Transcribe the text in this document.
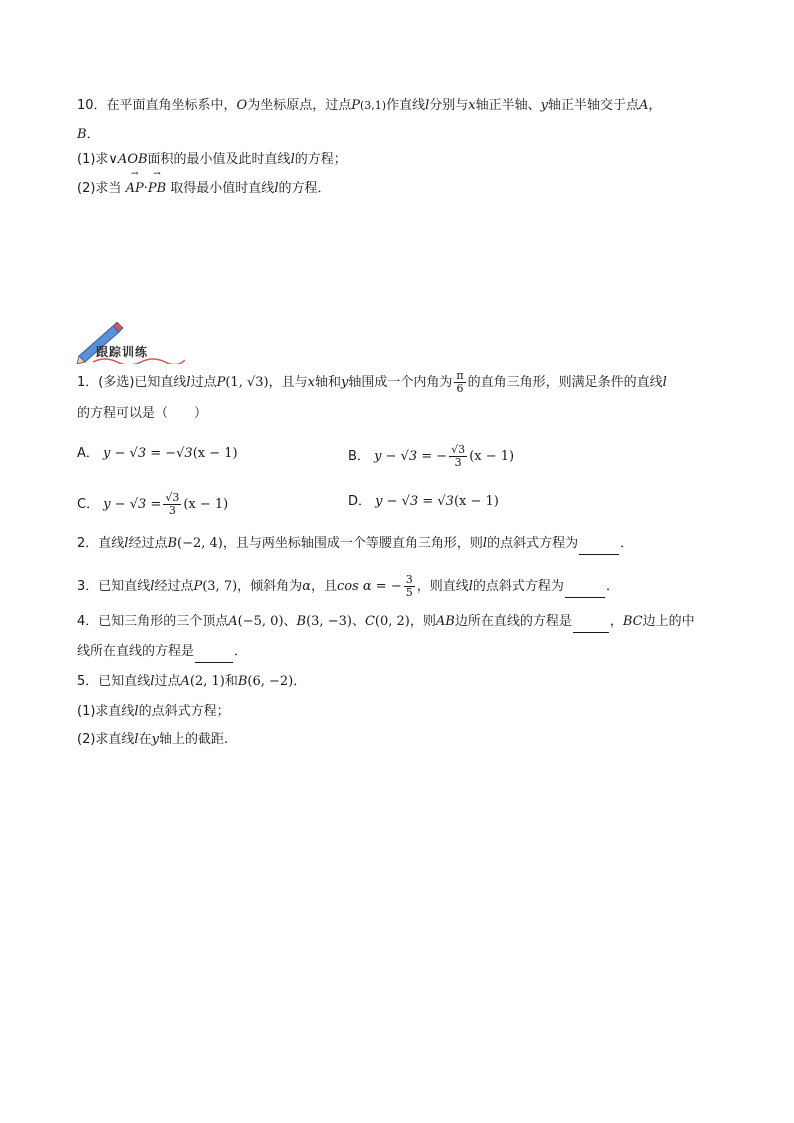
10．在平面直角坐标系中，O为坐标原点，过点P(3,1)作直线l分别与x轴正半轴、y轴正半轴交于点A，
B．
(1)求∨AOB面积的最小值及此时直线l的方程；
(2)求当
→
AP·
→
PB 取得最小值时直线l的方程．
跟踪训练
1．(多选)已知直线l过点P(1, √3)，且与x轴和y轴围成一个内角为 $\frac{\pi}{6}$ 的直角三角形，则满足条件的直线l
的方程可以是（　　）
A． y − √3 = −√3(x − 1)	B． y − √3 = − $\frac{√3}{3} (x - 1)$
C． $y - √3 = \frac{√3}{3} (x - 1)$	D． y − √3 = √3(x − 1)
2．直线l经过点B(−2, 4)，且与两坐标轴围成一个等腰直角三角形，则l的点斜式方程为	．
3．已知直线l经过点P(3, 7)，倾斜角为α，且cos α = − $\frac{3}{5}$ ，则直线l的点斜式方程为	．
4．已知三角形的三个顶点A(−5, 0)、B(3, −3)、C(0, 2)，则AB边所在直线的方程是	，BC边上的中
线所在直线的方程是	．
5．已知直线l过点A(2, 1)和B(6, −2)．
(1)求直线l的点斜式方程；
(2)求直线l在y轴上的截距.
